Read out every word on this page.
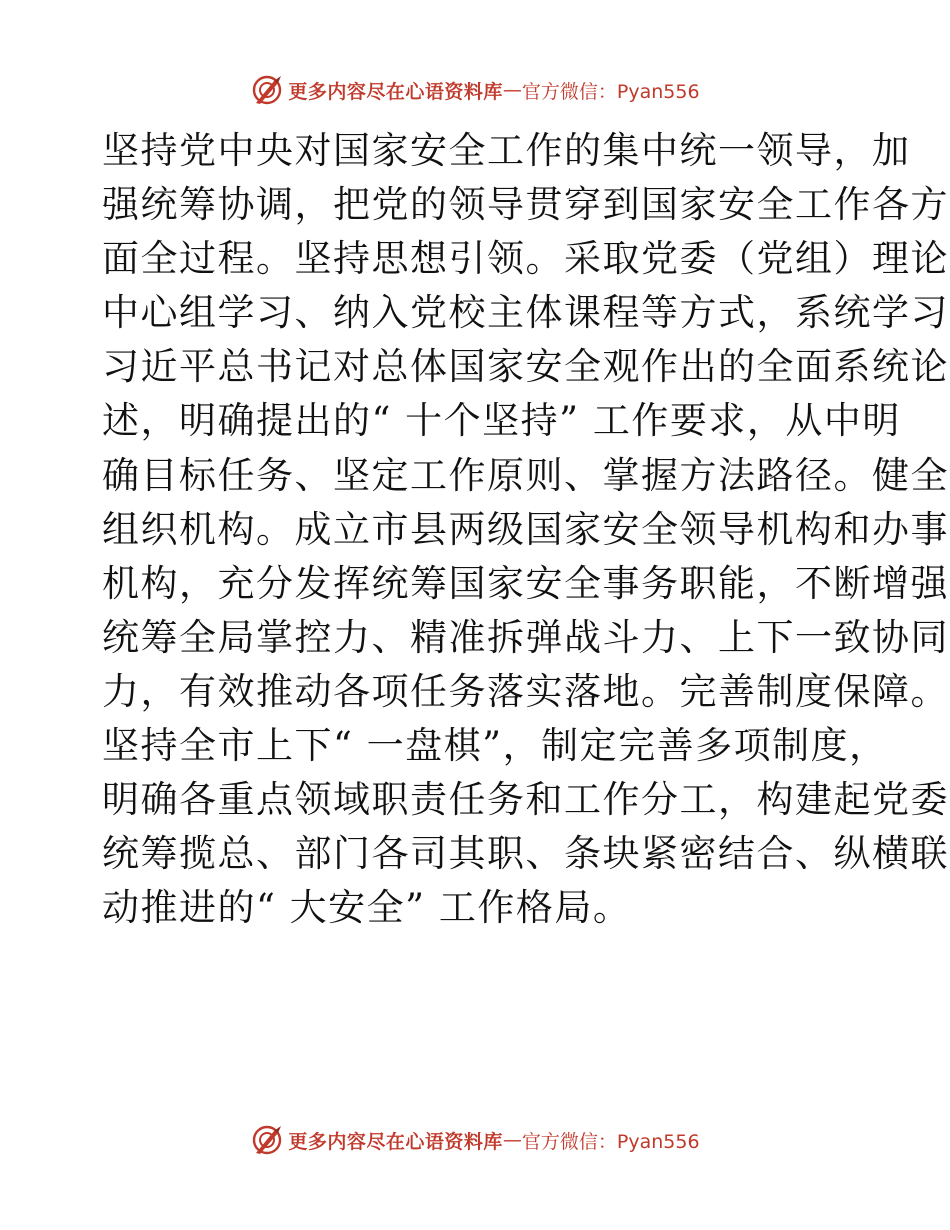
更多内容尽在心语资料库 — 官方微信：Pyan556
坚持党中央对国家安全工作的集中统一领导，加
强统筹协调，把党的领导贯穿到国家安全工作各方
面全过程。坚持思想引领。采取党委（党组）理论
中心组学习、纳入党校主体课程等方式，系统学习
习近平总书记对总体国家安全观作出的全面系统论
述，明确提出的“ 十个坚持” 工作要求，从中明
确目标任务、坚定工作原则、掌握方法路径。健全
组织机构。成立市县两级国家安全领导机构和办事
机构，充分发挥统筹国家安全事务职能，不断增强
统筹全局掌控力、精准拆弹战斗力、上下一致协同
力，有效推动各项任务落实落地。完善制度保障。
坚持全市上下“ 一盘棋”，制定完善多项制度，
明确各重点领域职责任务和工作分工，构建起党委
统筹揽总、部门各司其职、条块紧密结合、纵横联
动推进的“ 大安全” 工作格局。
更多内容尽在心语资料库 — 官方微信：Pyan556
